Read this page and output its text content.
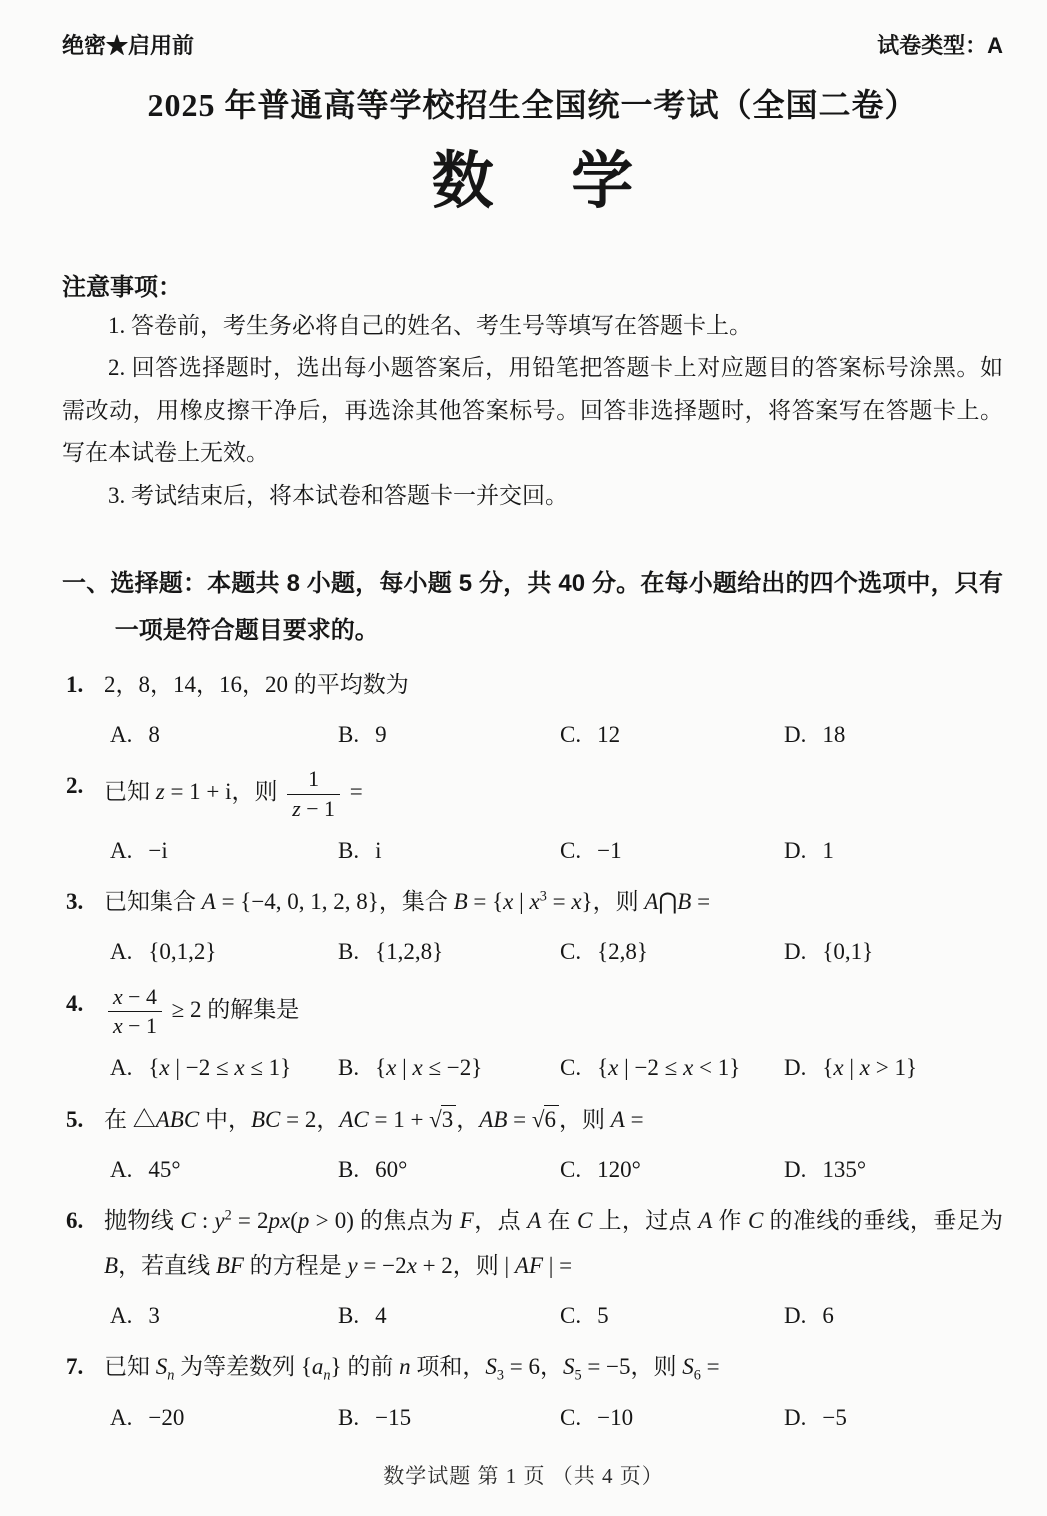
绝密★启用前	试卷类型：A
2025 年普通高等学校招生全国统一考试（全国二卷）
数学
注意事项：

1. 答卷前，考生务必将自己的姓名、考生号等填写在答题卡上。

2. 回答选择题时，选出每小题答案后，用铅笔把答题卡上对应题目的答案标号涂黑。如需改动，用橡皮擦干净后，再选涂其他答案标号。回答非选择题时，将答案写在答题卡上。写在本试卷上无效。

3. 考试结束后，将本试卷和答题卡一并交回。

一、选择题：本题共 8 小题，每小题 5 分，共 40 分。在每小题给出的四个选项中，只有一项是符合题目要求的。
1. 2，8，14，16，20 的平均数为
A. 8	B. 9	C. 12	D. 18
2. 已知 z = 1 + i，则 $\frac{1}{z - 1}$ =
A. −i	B. i	C. −1	D. 1
3. 已知集合 A = {−4, 0, 1, 2, 8}，集合 B = {x | $x^3 = x$}，则 A⋂B =
A. {0,1,2}	B. {1,2,8}	C. {2,8}	D. {0,1}
4.	$\frac{x - 4}{x - 1} \ge 2$ 的解集是
A. {x | −2 ≤ x ≤ 1}	B. {x | x ≤ −2}	C. {x | −2 ≤ x < 1}	D. {x | x > 1}
5. 在 △ABC 中，BC = 2，AC = 1 + √3 ，AB = √6 ，则 A =
A. 45°	B. 60°	C. 120°	D. 135°
6. 抛物线 C : $y^2 = 2px(p > 0)$ 的焦点为 F，点 A 在 C 上，过点 A 作 C 的准线的垂线，垂足为 B，若直线 BF 的方程是 y = −2x + 2，则 | AF | =
A. 3	B. 4	C. 5	D. 6
7. 已知 $S_n$ 为等差数列 $\{a_n\}$ 的前 n 项和，$S_3 = 6$，$S_5 = -5$，则 $S_6$ =
A. −20	B. −15	C. −10	D. −5
数学试题 第 1 页 （共 4 页）
